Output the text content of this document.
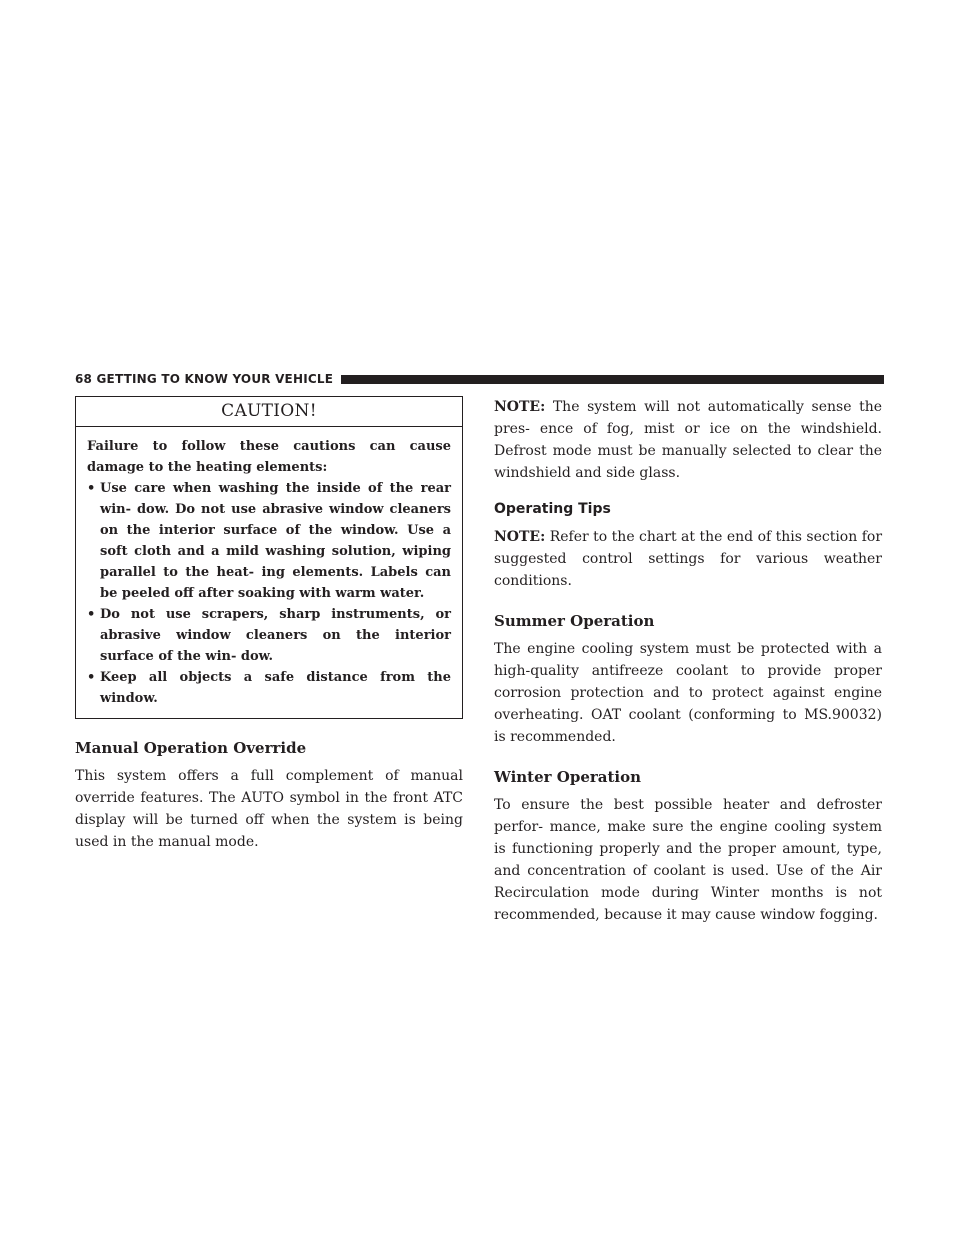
68 GETTING TO KNOW YOUR VEHICLE
CAUTION!

Failure to follow these cautions can cause damage to the heating elements:

• Use care when washing the inside of the rear win- dow. Do not use abrasive window cleaners on the interior surface of the window. Use a soft cloth and a mild washing solution, wiping parallel to the heat- ing elements. Labels can be peeled off after soaking with warm water.
• Do not use scrapers, sharp instruments, or abrasive window cleaners on the interior surface of the win- dow.
• Keep all objects a safe distance from the window.
Manual Operation Override

This system offers a full complement of manual override features. The AUTO symbol in the front ATC display will be turned off when the system is being used in the manual mode.

NOTE: The system will not automatically sense the pres- ence of fog, mist or ice on the windshield. Defrost mode must be manually selected to clear the windshield and side glass.

Operating Tips

NOTE: Refer to the chart at the end of this section for suggested control settings for various weather conditions.

Summer Operation

The engine cooling system must be protected with a high-quality antifreeze coolant to provide proper corrosion protection and to protect against engine overheating. OAT coolant (conforming to MS.90032) is recommended.

Winter Operation

To ensure the best possible heater and defroster perfor- mance, make sure the engine cooling system is functioning properly and the proper amount, type, and concentration of coolant is used. Use of the Air Recirculation mode during Winter months is not recommended, because it may cause window fogging.
